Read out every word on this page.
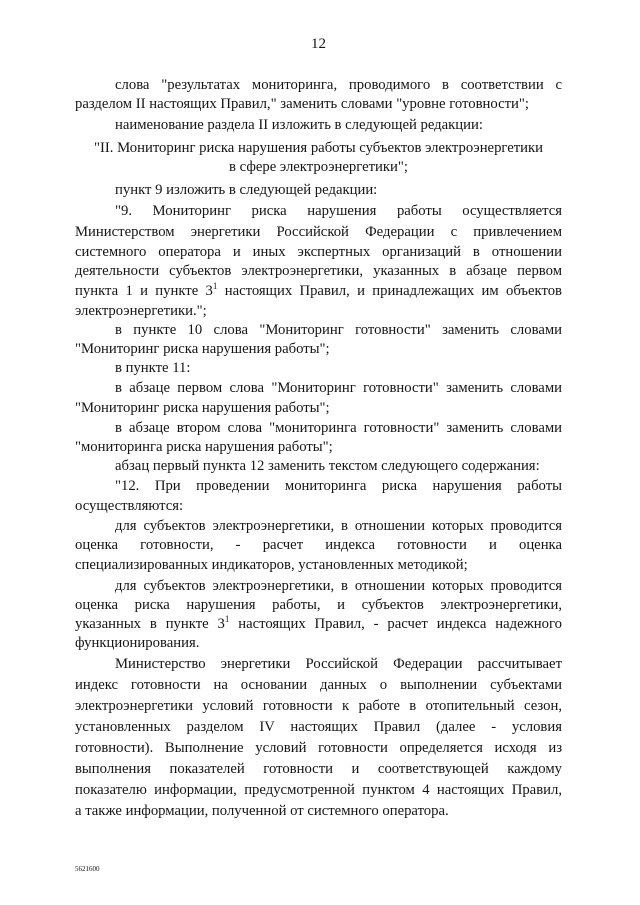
12
слова "результатах мониторинга, проводимого в соответствии с
разделом II настоящих Правил," заменить словами "уровне готовности";
наименование раздела II изложить в следующей редакции:
"II. Мониторинг риска нарушения работы субъектов электроэнергетики
в сфере электроэнергетики";
пункт 9 изложить в следующей редакции:
"9. Мониторинг риска нарушения работы осуществляется
Министерством энергетики Российской Федерации с привлечением
системного оператора и иных экспертных организаций в отношении
деятельности субъектов электроэнергетики, указанных в абзаце первом
пункта 1 и пункте $3^1$ настоящих Правил, и принадлежащих им объектов
электроэнергетики.";
в пункте 10 слова "Мониторинг готовности" заменить словами
"Мониторинг риска нарушения работы";
в пункте 11:
в абзаце первом слова "Мониторинг готовности" заменить словами
"Мониторинг риска нарушения работы";
в абзаце втором слова "мониторинга готовности" заменить словами
"мониторинга риска нарушения работы";
абзац первый пункта 12 заменить текстом следующего содержания:
"12. При проведении мониторинга риска нарушения работы
осуществляются:
для субъектов электроэнергетики, в отношении которых проводится
оценка готовности, - расчет индекса готовности и оценка
специализированных индикаторов, установленных методикой;
для субъектов электроэнергетики, в отношении которых проводится
оценка риска нарушения работы, и субъектов электроэнергетики,
указанных в пункте $3^1$ настоящих Правил, - расчет индекса надежного
функционирования.
Министерство энергетики Российской Федерации рассчитывает
индекс готовности на основании данных о выполнении субъектами
электроэнергетики условий готовности к работе в отопительный сезон,
установленных разделом IV настоящих Правил (далее - условия
готовности). Выполнение условий готовности определяется исходя из
выполнения показателей готовности и соответствующей каждому
показателю информации, предусмотренной пунктом 4 настоящих Правил,
а также информации, полученной от системного оператора.
5621600
